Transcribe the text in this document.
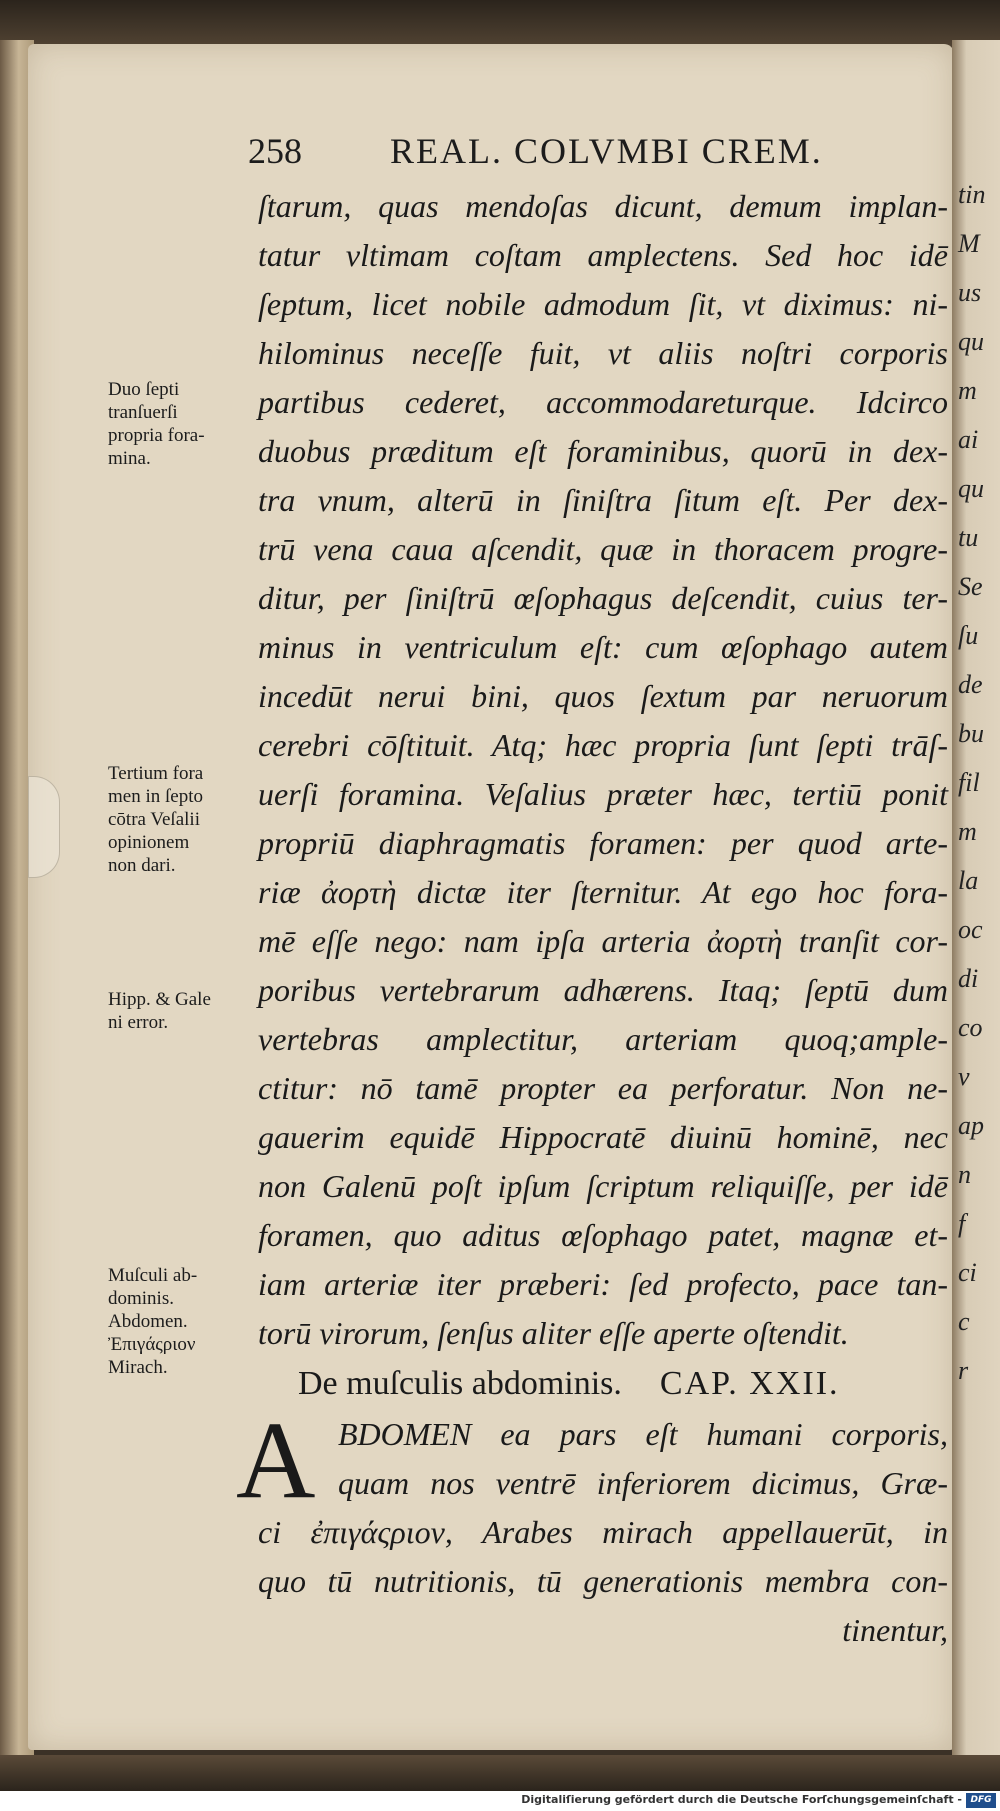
tin
M
us
qu
m
ai
qu
tu
Se
ſu
de
bu
fil
m
la
oc
di
co
v
ap
n
f
ci
c
r
258 REAL. COLVMBI CREM.
ſtarum, quas mendoſas dicunt, demum implan-
tatur vltimam coſtam amplectens. Sed hoc idē
ſeptum, licet nobile admodum ſit, vt diximus: ni-
hilominus neceſſe fuit, vt aliis noſtri corporis
partibus cederet, accommodareturque. Idcirco
duobus præditum eſt foraminibus, quorū in dex-
tra vnum, alterū in ſiniſtra ſitum eſt. Per dex-
trū vena caua aſcendit, quæ in thoracem progre-
ditur, per ſiniſtrū œſophagus deſcendit, cuius ter-
minus in ventriculum eſt: cum œſophago autem
incedūt nerui bini, quos ſextum par neruorum
cerebri cōſtituit. Atq; hæc propria ſunt ſepti trāſ-
uerſi foramina. Veſalius præter hæc, tertiū ponit
propriū diaphragmatis foramen: per quod arte-
riæ ἀορτὴ dictæ iter ſternitur. At ego hoc fora-
mē eſſe nego: nam ipſa arteria ἀορτὴ tranſit cor-
poribus vertebrarum adhærens. Itaq; ſeptū dum
vertebras amplectitur, arteriam quoq;ample-
ctitur: nō tamē propter ea perforatur. Non ne-
gauerim equidē Hippocratē diuinū hominē, nec
non Galenū poſt ipſum ſcriptum reliquiſſe, per idē
foramen, quo aditus œſophago patet, magnæ et-
iam arteriæ iter præberi: ſed profecto, pace tan-
torū virorum, ſenſus aliter eſſe aperte oſtendit.
De muſculis abdominis. CAP. XXII.
A BDOMEN ea pars eſt humani corporis,
quam nos ventrē inferiorem dicimus, Græ-
ci ἐπιγάςριον, Arabes mirach appellauerūt, in
quo tū nutritionis, tū generationis membra con-
tinentur,
Duo ſepti
tranſuerſi
propria fora-
mina.
Tertium fora
men in ſepto
cōtra Veſalii
opinionem
non dari.
Hipp. & Gale
ni error.
Muſculi ab-
dominis.
Abdomen.
Ἐπιγάςριον
Mirach.
Digitaliſierung gefördert durch die Deutsche Forſchungsgemeinſchaft - DFG
